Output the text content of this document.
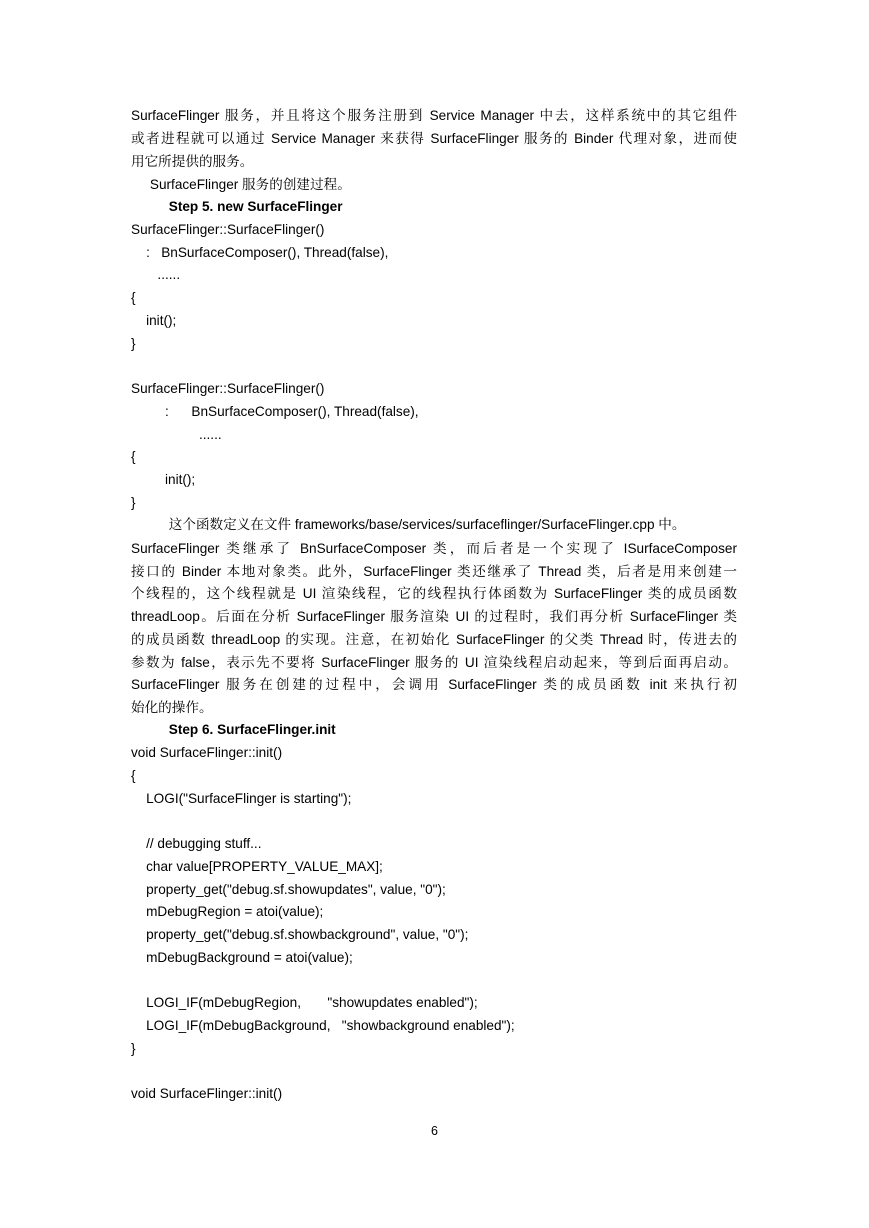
SurfaceFlinger 服务，并且将这个服务注册到 Service Manager 中去，这样系统中的其它组件
或者进程就可以通过 Service Manager 来获得 SurfaceFlinger 服务的 Binder 代理对象，进而使
用它所提供的服务。
SurfaceFlinger 服务的创建过程。
Step 5. new SurfaceFlinger
SurfaceFlinger::SurfaceFlinger()
:   BnSurfaceComposer(), Thread(false),
......
{
init();
}
SurfaceFlinger::SurfaceFlinger()
:      BnSurfaceComposer(), Thread(false),
......
{
init();
}
这个函数定义在文件 frameworks/base/services/surfaceflinger/SurfaceFlinger.cpp 中。
SurfaceFlinger 类继承了 BnSurfaceComposer 类，而后者是一个实现了 ISurfaceComposer
接口的 Binder 本地对象类。此外，SurfaceFlinger 类还继承了 Thread 类，后者是用来创建一
个线程的，这个线程就是 UI 渲染线程，它的线程执行体函数为 SurfaceFlinger 类的成员函数
threadLoop。后面在分析 SurfaceFlinger 服务渲染 UI 的过程时，我们再分析 SurfaceFlinger 类
的成员函数 threadLoop 的实现。注意，在初始化 SurfaceFlinger 的父类 Thread 时，传进去的
参数为 false，表示先不要将 SurfaceFlinger 服务的 UI 渲染线程启动起来，等到后面再启动。
SurfaceFlinger 服务在创建的过程中，会调用 SurfaceFlinger 类的成员函数 init 来执行初
始化的操作。
Step 6. SurfaceFlinger.init
void SurfaceFlinger::init()
{
LOGI("SurfaceFlinger is starting");
// debugging stuff...
char value[PROPERTY_VALUE_MAX];
property_get("debug.sf.showupdates", value, "0");
mDebugRegion = atoi(value);
property_get("debug.sf.showbackground", value, "0");
mDebugBackground = atoi(value);
LOGI_IF(mDebugRegion,       "showupdates enabled");
LOGI_IF(mDebugBackground,   "showbackground enabled");
}
void SurfaceFlinger::init()
6
